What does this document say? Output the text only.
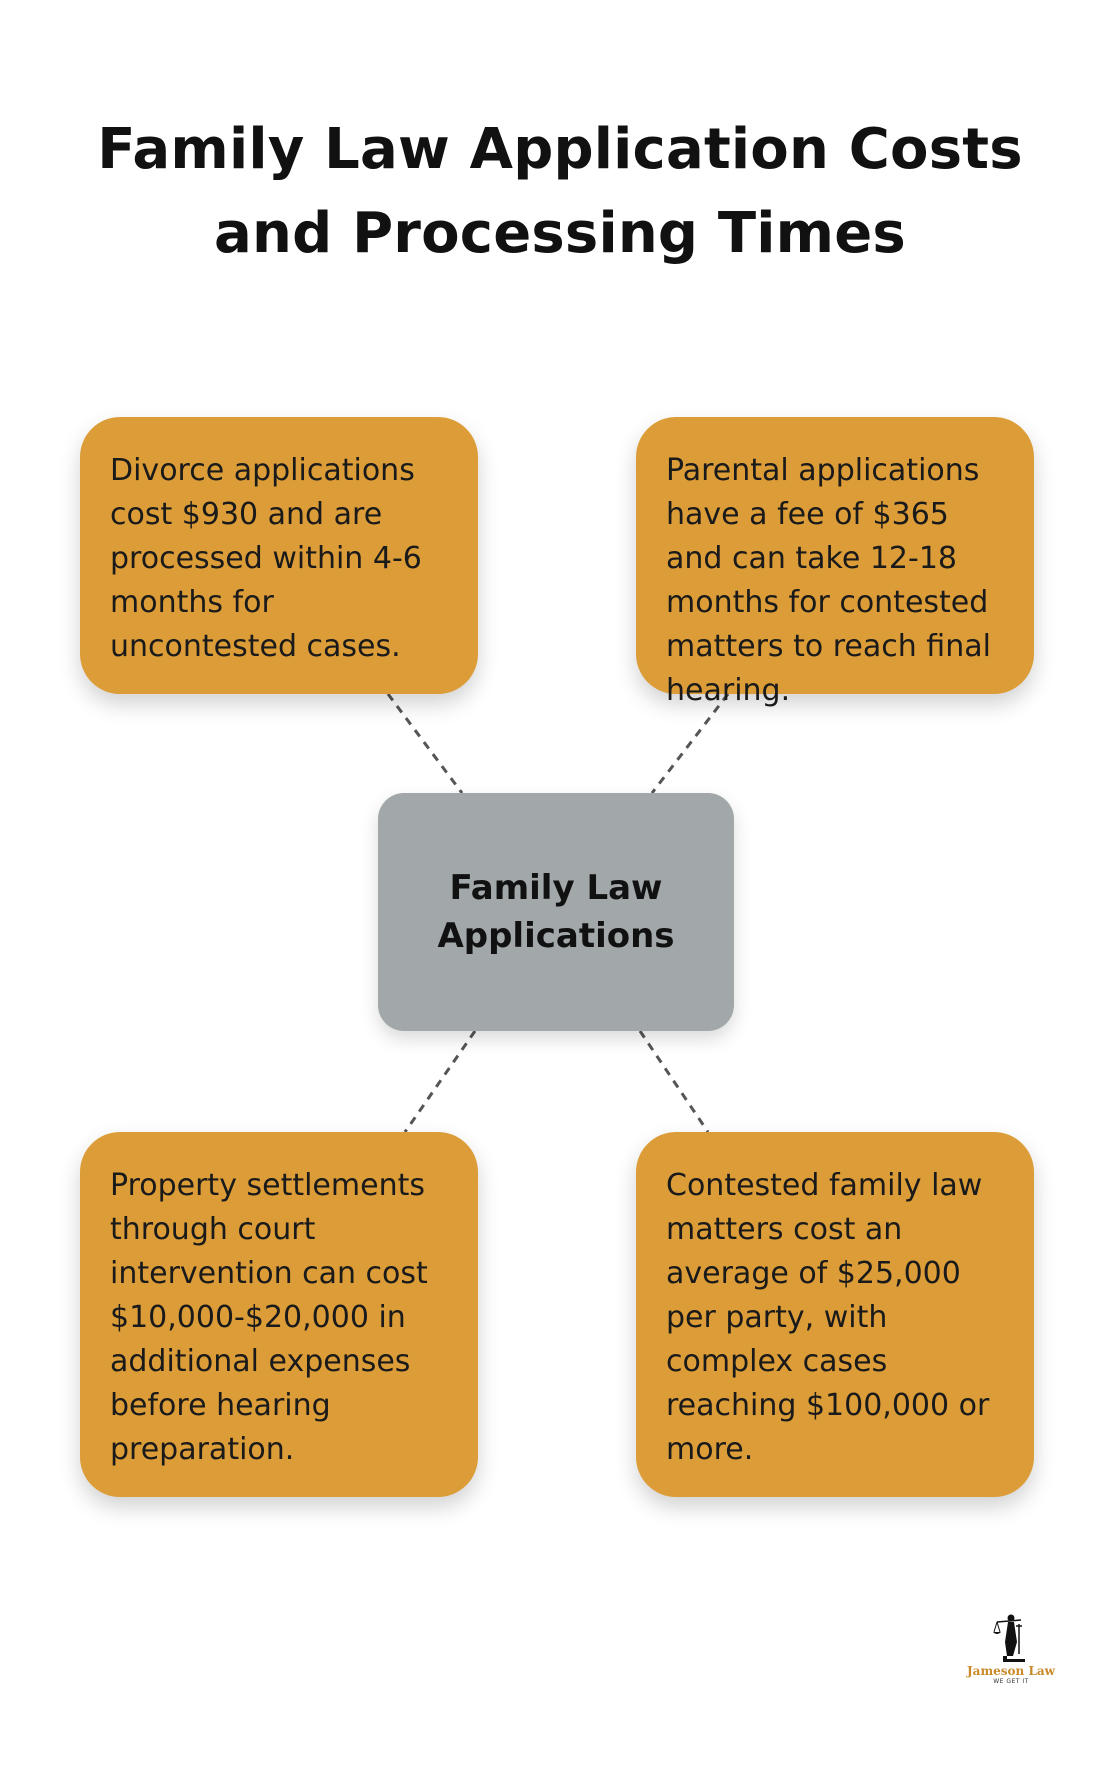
Family Law Application Costs and Processing Times
Divorce applications cost $930 and are processed within 4-6 months for uncontested cases.
Parental applications have a fee of $365 and can take 12-18 months for contested matters to reach final hearing.
Family Law Applications
Property settlements through court intervention can cost $10,000-$20,000 in additional expenses before hearing preparation.
Contested family law matters cost an average of $25,000 per party, with complex cases reaching $100,000 or more.
Jameson Law
WE GET IT
